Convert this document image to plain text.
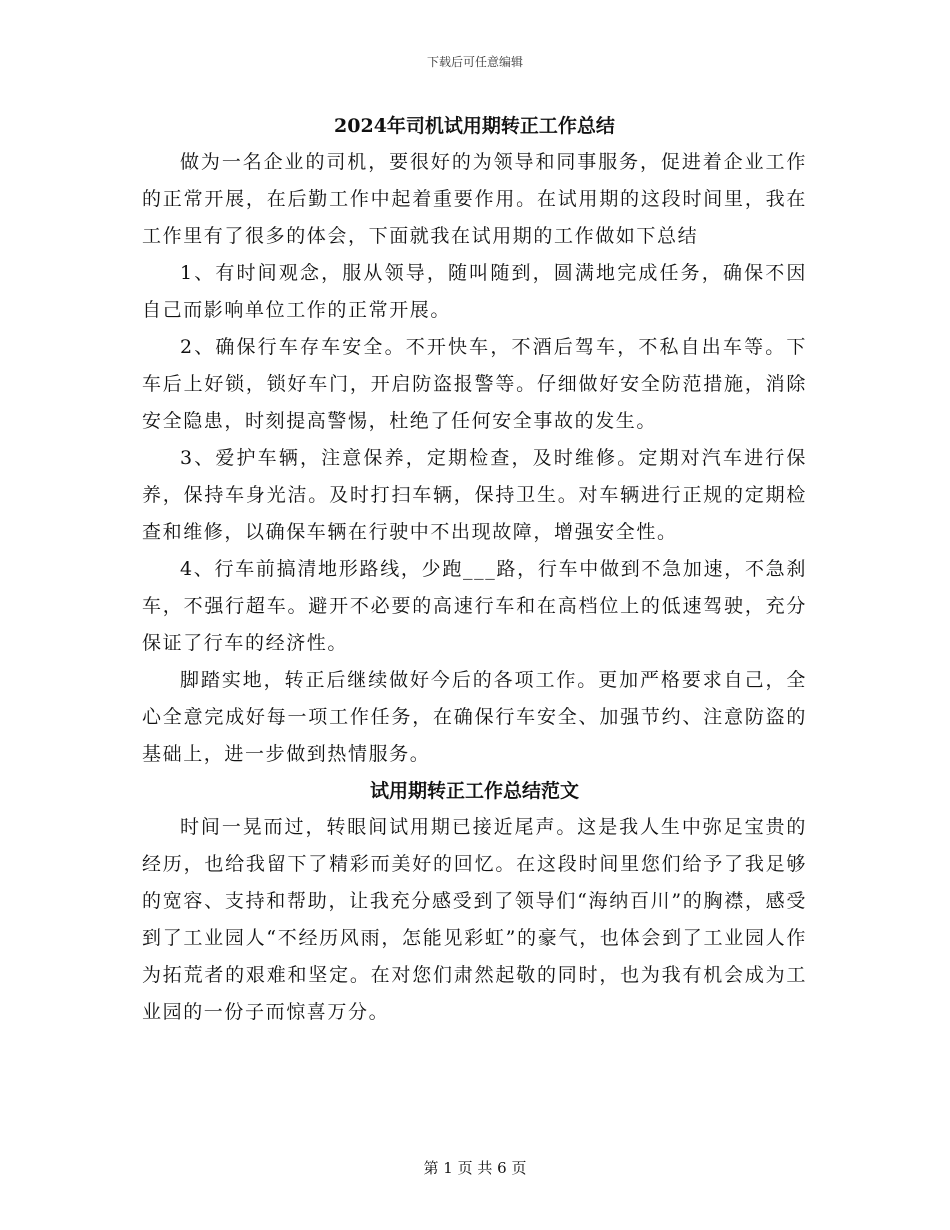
下载后可任意编辑
2024年司机试用期转正工作总结

做为一名企业的司机，要很好的为领导和同事服务，促进着企业工作的正常开展，在后勤工作中起着重要作用。在试用期的这段时间里，我在工作里有了很多的体会，下面就我在试用期的工作做如下总结

1、有时间观念，服从领导，随叫随到，圆满地完成任务，确保不因自己而影响单位工作的正常开展。

2、确保行车存车安全。不开快车，不酒后驾车，不私自出车等。下车后上好锁，锁好车门，开启防盗报警等。仔细做好安全防范措施，消除安全隐患，时刻提高警惕，杜绝了任何安全事故的发生。

3、爱护车辆，注意保养，定期检查，及时维修。定期对汽车进行保养，保持车身光洁。及时打扫车辆，保持卫生。对车辆进行正规的定期检查和维修，以确保车辆在行驶中不出现故障，增强安全性。

4、行车前搞清地形路线，少跑___路，行车中做到不急加速，不急刹车，不强行超车。避开不必要的高速行车和在高档位上的低速驾驶，充分保证了行车的经济性。

脚踏实地，转正后继续做好今后的各项工作。更加严格要求自己，全心全意完成好每一项工作任务，在确保行车安全、加强节约、注意防盗的基础上，进一步做到热情服务。

试用期转正工作总结范文

时间一晃而过，转眼间试用期已接近尾声。这是我人生中弥足宝贵的经历，也给我留下了精彩而美好的回忆。在这段时间里您们给予了我足够的宽容、支持和帮助，让我充分感受到了领导们“海纳百川”的胸襟，感受到了工业园人“不经历风雨，怎能见彩虹”的豪气，也体会到了工业园人作为拓荒者的艰难和坚定。在对您们肃然起敬的同时，也为我有机会成为工业园的一份子而惊喜万分。

第 1 页 共 6 页
